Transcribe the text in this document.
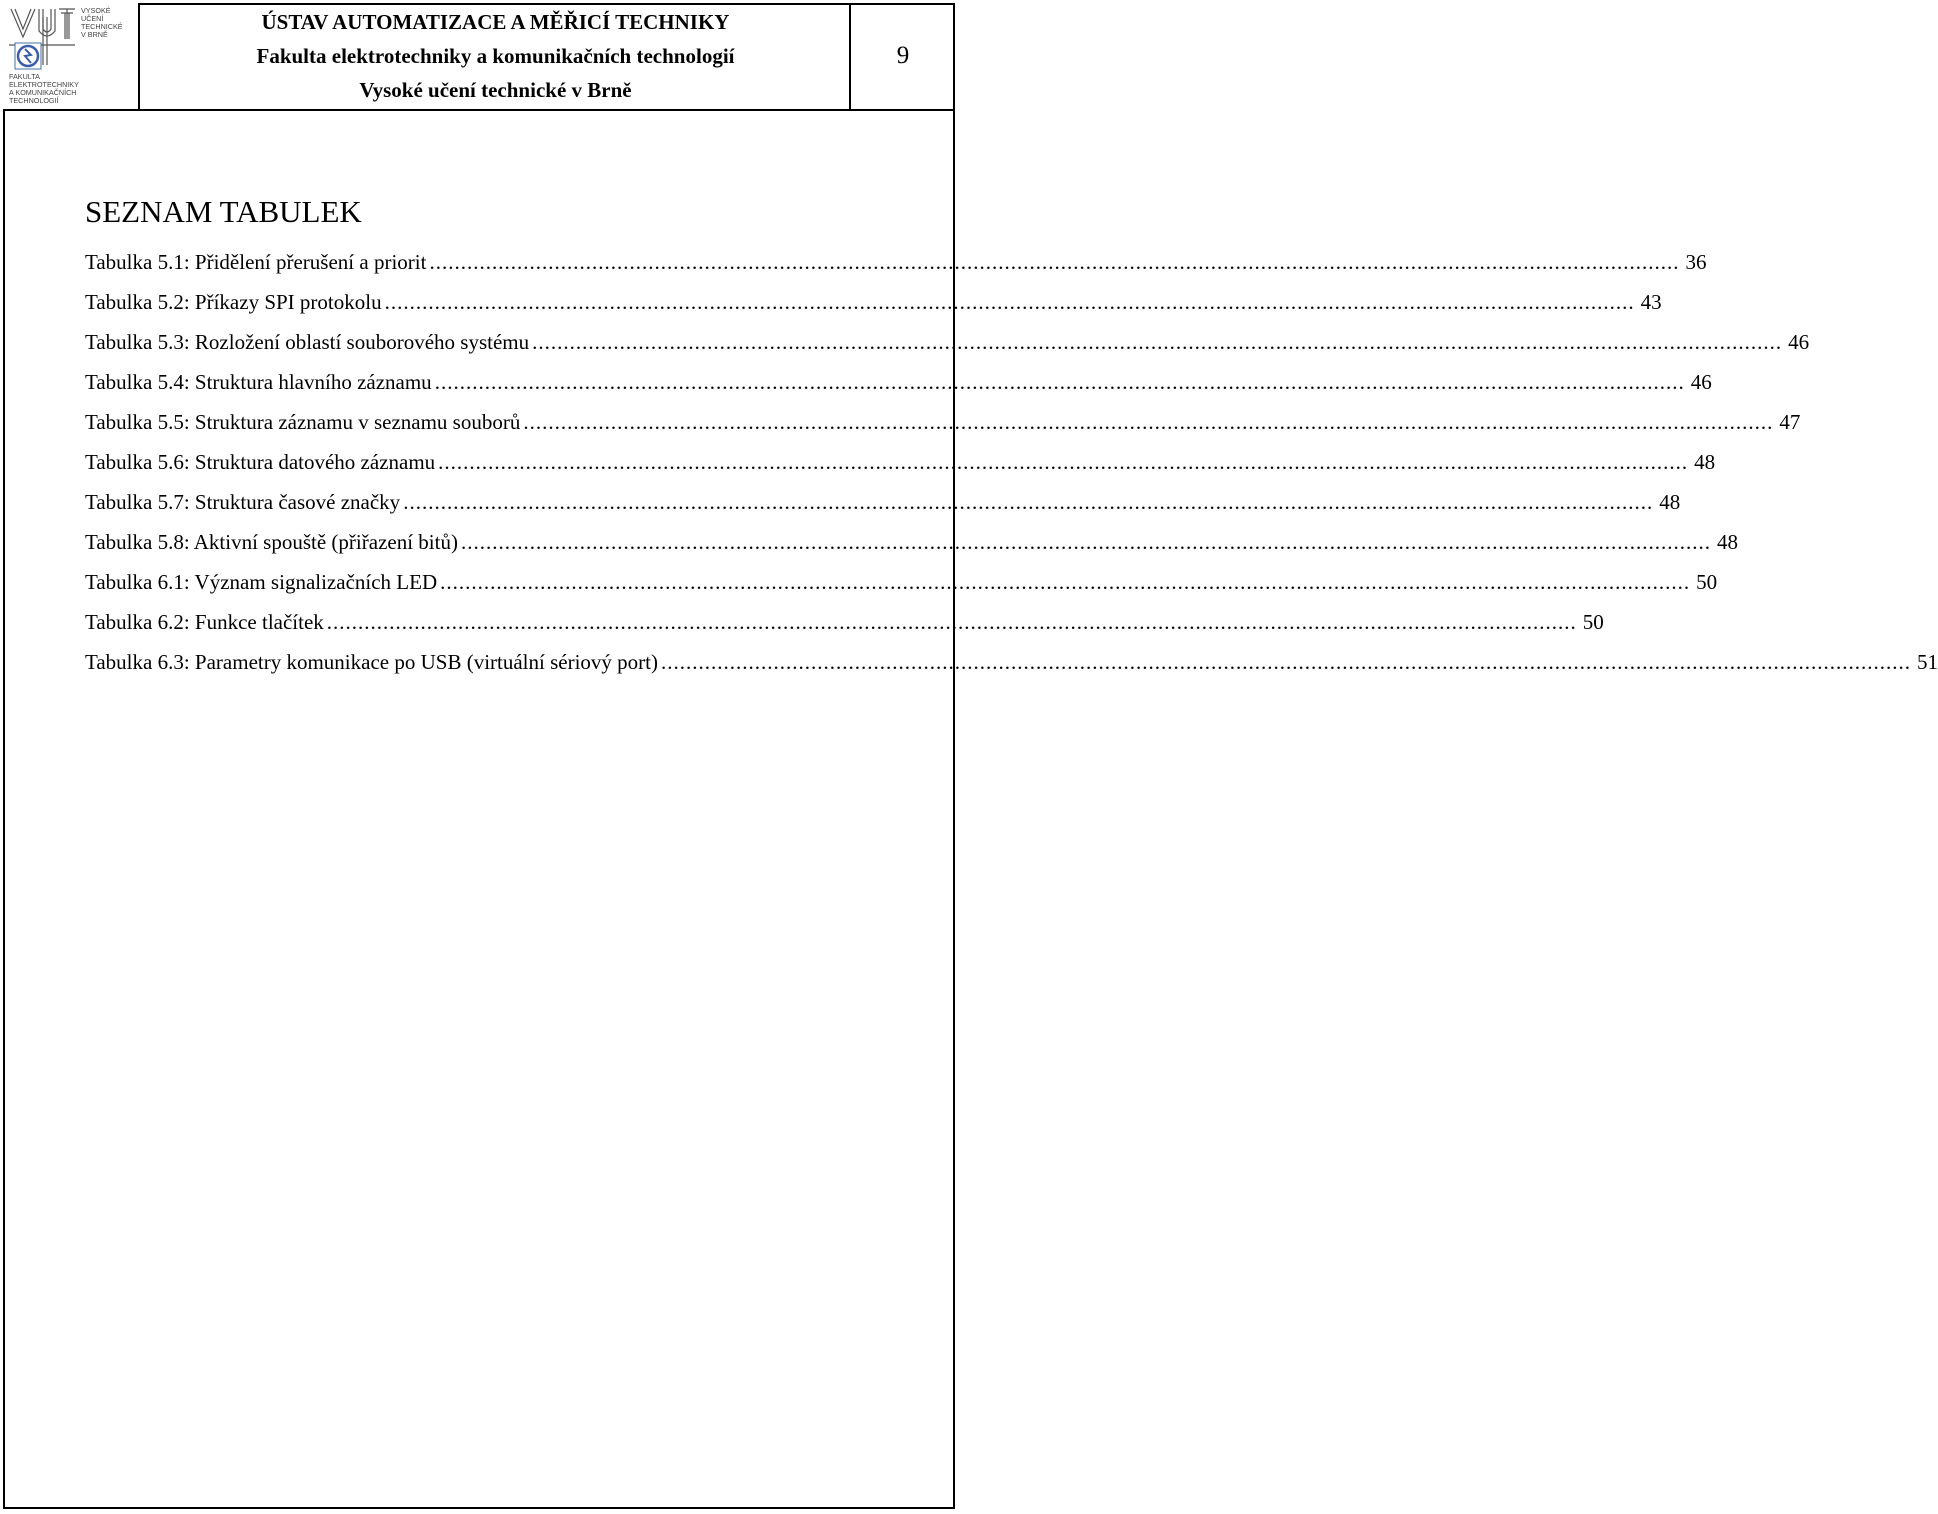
VYSOKÉ
UČENÍ
TECHNICKÉ
V BRNĚ
FAKULTA
ELEKTROTECHNIKY
A KOMUNIKAČNÍCH
TECHNOLOGIÍ
ÚSTAV AUTOMATIZACE A MĚŘICÍ TECHNIKY
Fakulta elektrotechniky a komunikačních technologií
Vysoké učení technické v Brně
9
SEZNAM TABULEK
Tabulka 5.1: Přidělení přerušení a priorit ........................................................................................................................................................................................................ 36
Tabulka 5.2: Příkazy SPI protokolu ........................................................................................................................................................................................................ 43
Tabulka 5.3: Rozložení oblastí souborového systému ........................................................................................................................................................................................................ 46
Tabulka 5.4: Struktura hlavního záznamu ........................................................................................................................................................................................................ 46
Tabulka 5.5: Struktura záznamu v seznamu souborů ........................................................................................................................................................................................................ 47
Tabulka 5.6: Struktura datového záznamu ........................................................................................................................................................................................................ 48
Tabulka 5.7: Struktura časové značky ........................................................................................................................................................................................................ 48
Tabulka 5.8: Aktivní spouště (přiřazení bitů) ........................................................................................................................................................................................................ 48
Tabulka 6.1: Význam signalizačních LED ........................................................................................................................................................................................................ 50
Tabulka 6.2: Funkce tlačítek ........................................................................................................................................................................................................ 50
Tabulka 6.3: Parametry komunikace po USB (virtuální sériový port) ........................................................................................................................................................................................................ 51
